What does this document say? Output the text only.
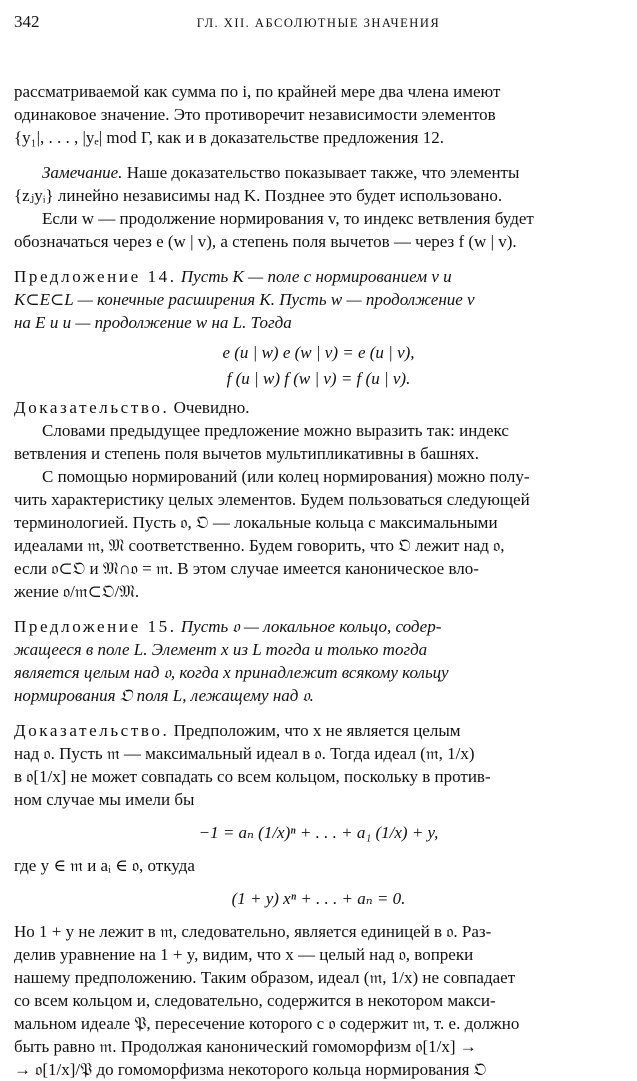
342	ГЛ. XII. АБСОЛЮТНЫЕ ЗНАЧЕНИЯ

рассматриваемой как сумма по i, по крайней мере два члена имеют
одинаковое значение. Это противоречит независимости элементов
{y₁|, . . . , |yₑ| mod Γ, как и в доказательстве предложения 12.

Замечание. Наше доказательство показывает также, что элементы
{zⱼyᵢ} линейно независимы над K. Позднее это будет использовано.

Если w — продолжение нормирования v, то индекс ветвления будет
обозначаться через e (w | v), а степень поля вычетов — через f (w | v).

Предложение 14. Пусть K — поле с нормированием v и
K⊂E⊂L — конечные расширения K. Пусть w — продолжение v
на E и u — продолжение w на L. Тогда

e (u | w) e (w | v) = e (u | v),
f (u | w) f (w | v) = f (u | v).

Доказательство. Очевидно.

Словами предыдущее предложение можно выразить так: индекс
ветвления и степень поля вычетов мультипликативны в башнях.

С помощью нормирований (или колец нормирования) можно полу-
чить характеристику целых элементов. Будем пользоваться следующей
терминологией. Пусть 𝔬, 𝔒 — локальные кольца с максимальными
идеалами 𝔪, 𝔐 соответственно. Будем говорить, что 𝔒 лежит над 𝔬,
если 𝔬⊂𝔒 и 𝔐∩𝔬 = 𝔪. В этом случае имеется каноническое вло-
жение 𝔬/𝔪⊂𝔒/𝔐.

Предложение 15. Пусть 𝔬 — локальное кольцо, содер-
жащееся в поле L. Элемент x из L тогда и только тогда
является целым над 𝔬, когда x принадлежит всякому кольцу
нормирования 𝔒 поля L, лежащему над 𝔬.

Доказательство. Предположим, что x не является целым
над 𝔬. Пусть 𝔪 — максимальный идеал в 𝔬. Тогда идеал (𝔪, 1/x)
в 𝔬[1/x] не может совпадать со всем кольцом, поскольку в против-
ном случае мы имели бы

−1 = aₙ (1/x)ⁿ + . . . + a₁ (1/x) + y,

где y ∈ 𝔪 и aᵢ ∈ 𝔬, откуда

(1 + y) xⁿ + . . . + aₙ = 0.

Но 1 + y не лежит в 𝔪, следовательно, является единицей в 𝔬. Раз-
делив уравнение на 1 + y, видим, что x — целый над 𝔬, вопреки
нашему предположению. Таким образом, идеал (𝔪, 1/x) не совпадает
со всем кольцом и, следовательно, содержится в некотором макси-
мальном идеале 𝔓, пересечение которого с 𝔬 содержит 𝔪, т. е. должно
быть равно 𝔪. Продолжая канонический гомоморфизм 𝔬[1/x] →
→ 𝔬[1/x]/𝔓 до гомоморфизма некоторого кольца нормирования 𝔒
